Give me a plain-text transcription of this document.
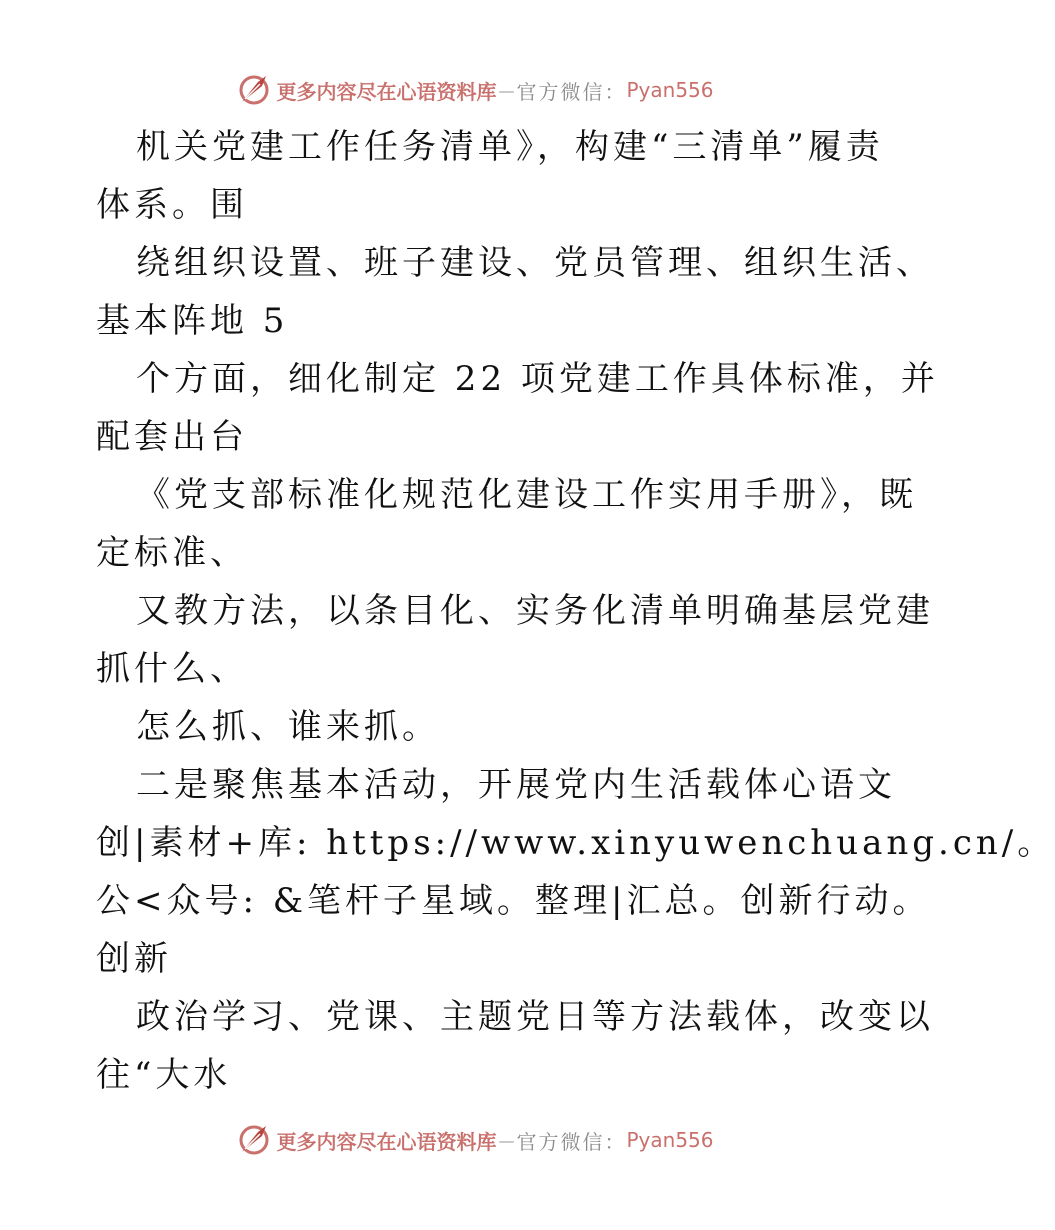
更多内容尽在心语资料库 — 官方微信： Pyan556
机关党建工作任务清单》，构建“三清单”履责
体系。围
绕组织设置、班子建设、党员管理、组织生活、
基本阵地 5
个方面，细化制定 22 项党建工作具体标准，并
配套出台
《党支部标准化规范化建设工作实用手册》，既
定标准、
又教方法，以条目化、实务化清单明确基层党建
抓什么、
怎么抓、谁来抓。
二是聚焦基本活动，开展党内生活载体心语文
创|素材+库: https://www.xinyuwenchuang.cn/。
公<众号: &笔杆子星域。整理|汇总。创新行动。
创新
政治学习、党课、主题党日等方法载体，改变以
往“大水
更多内容尽在心语资料库 — 官方微信： Pyan556
